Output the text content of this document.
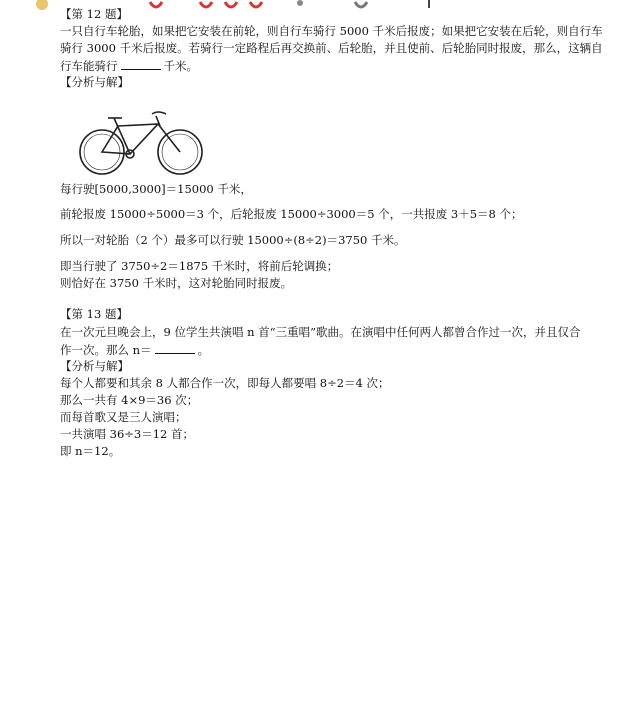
【第 12 题】
一只自行车轮胎，如果把它安装在前轮，则自行车骑行 5000 千米后报废；如果把它安装在后轮，则自行车
骑行 3000 千米后报废。若骑行一定路程后再交换前、后轮胎，并且使前、后轮胎同时报废，那么，这辆自
行车能骑行	千米。
【分析与解】
每行驶[5000,3000]＝15000 千米，
前轮报废 15000÷5000＝3 个，后轮报废 15000÷3000＝5 个，一共报废 3＋5＝8 个；
所以一对轮胎（2 个）最多可以行驶 15000÷(8÷2)＝3750 千米。
即当行驶了 3750÷2＝1875 千米时，将前后轮调换；
则恰好在 3750 千米时，这对轮胎同时报废。
【第 13 题】
在一次元旦晚会上，9 位学生共演唱 n 首“三重唱”歌曲。在演唱中任何两人都曾合作过一次，并且仅合
作一次。那么 n＝	。
【分析与解】
每个人都要和其余 8 人都合作一次，即每人都要唱 8÷2＝4 次；
那么一共有 4×9＝36 次；
而每首歌又是三人演唱；
一共演唱 36÷3＝12 首；
即 n＝12。
